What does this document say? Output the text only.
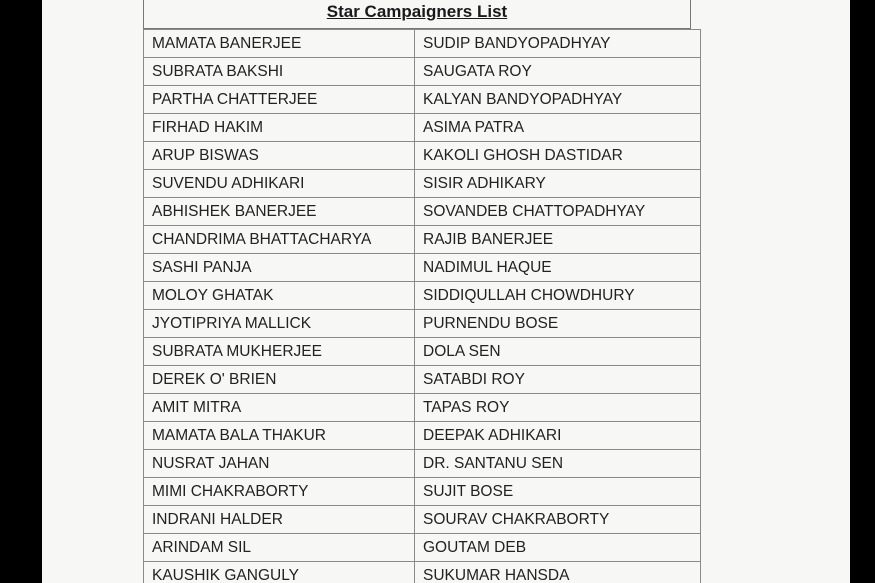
Star Campaigners List
MAMATA BANERJEE	SUDIP BANDYOPADHYAY
SUBRATA BAKSHI	SAUGATA ROY
PARTHA CHATTERJEE	KALYAN BANDYOPADHYAY
FIRHAD HAKIM	ASIMA PATRA
ARUP BISWAS	KAKOLI GHOSH DASTIDAR
SUVENDU ADHIKARI	SISIR ADHIKARY
ABHISHEK BANERJEE	SOVANDEB CHATTOPADHYAY
CHANDRIMA BHATTACHARYA	RAJIB BANERJEE
SASHI PANJA	NADIMUL HAQUE
MOLOY GHATAK	SIDDIQULLAH CHOWDHURY
JYOTIPRIYA MALLICK	PURNENDU BOSE
SUBRATA MUKHERJEE	DOLA SEN
DEREK O' BRIEN	SATABDI ROY
AMIT MITRA	TAPAS ROY
MAMATA BALA THAKUR	DEEPAK ADHIKARI
NUSRAT JAHAN	DR. SANTANU SEN
MIMI CHAKRABORTY	SUJIT BOSE
INDRANI HALDER	SOURAV CHAKRABORTY
ARINDAM SIL	GOUTAM DEB
KAUSHIK GANGULY	SUKUMAR HANSDA
